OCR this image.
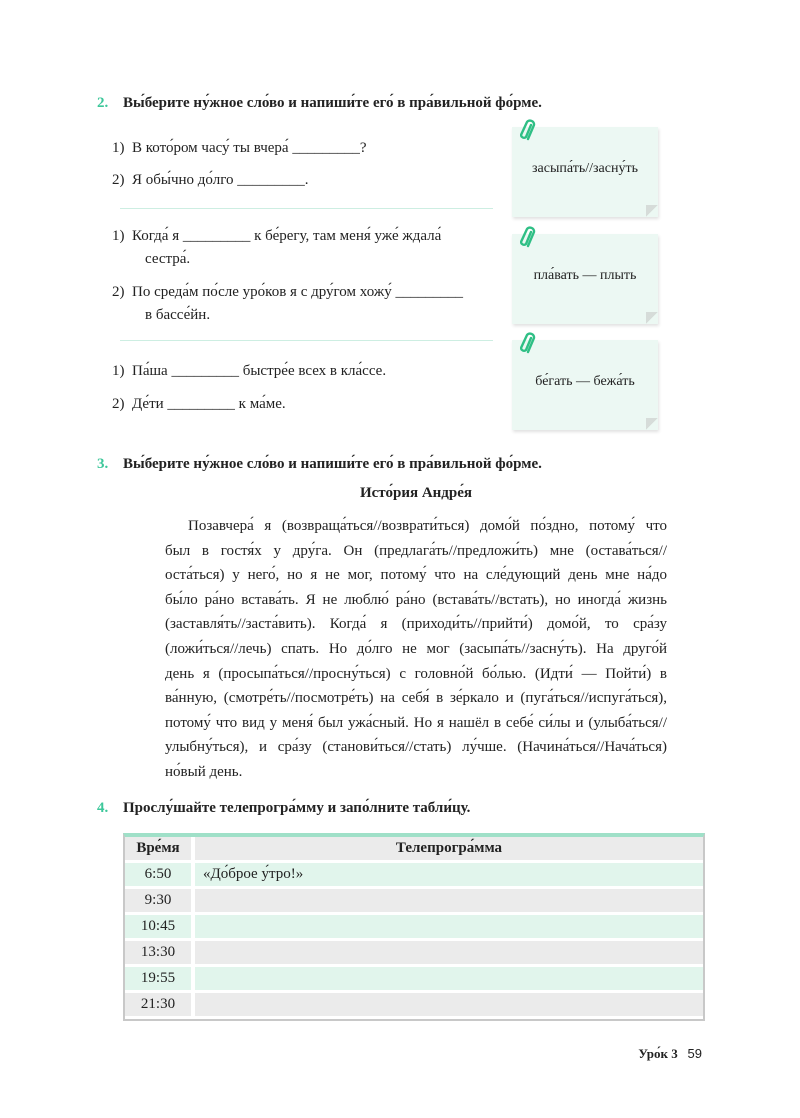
2. Вы́берите ну́жное сло́во и напиши́те его́ в пра́вильной фо́рме.
1) В кото́ром часу́ ты вчера́ _________?
2) Я обы́чно до́лго _________.
1) Когда́ я _________ к бе́регу, там меня́ уже́ ждала́
сестра́.
2) По среда́м по́сле уро́ков я с дру́гом хожу́ _________
в бассе́йн.
1) Па́ша _________ быстре́е всех в кла́ссе.
2) Де́ти _________ к ма́ме.
засыпа́ть//засну́ть
пла́вать — плыть
бе́гать — бежа́ть
3. Вы́берите ну́жное сло́во и напиши́те его́ в пра́вильной фо́рме.
Исто́рия Андре́я
Позавчера́ я (возвраща́ться//возврати́ться) домо́й по́здно, потому́ что
был в гостя́х у дру́га. Он (предлага́ть//предложи́ть) мне (остава́ться//
оста́ться) у него́, но я не мог, потому́ что на сле́дующий день мне на́до
бы́ло ра́но встава́ть. Я не люблю́ ра́но (встава́ть//встать), но иногда́ жизнь
(заставля́ть//заста́вить). Когда́ я (приходи́ть//прийти́) домо́й, то сра́зу
(ложи́ться//лечь) спать. Но до́лго не мог (засыпа́ть//засну́ть). На друго́й
день я (просыпа́ться//просну́ться) с головно́й бо́лью. (Идти́ — Пойти́) в
ва́нную, (смотре́ть//посмотре́ть) на себя́ в зе́ркало и (пуга́ться//испуга́ться),
потому́ что вид у меня́ был ужа́сный. Но я нашёл в себе́ си́лы и (улыба́ться//
улыбну́ться), и сра́зу (станови́ться//стать) лу́чше. (Начина́ться//Нача́ться)
но́вый день.
4. Прослу́шайте телепрогра́мму и запо́лните табли́цу.
Вре́мя	Телепрогра́мма
6:50	«До́брое у́тро!»
9:30	
10:45	
13:30	
19:55	
21:30	
Уро́к 3 59
